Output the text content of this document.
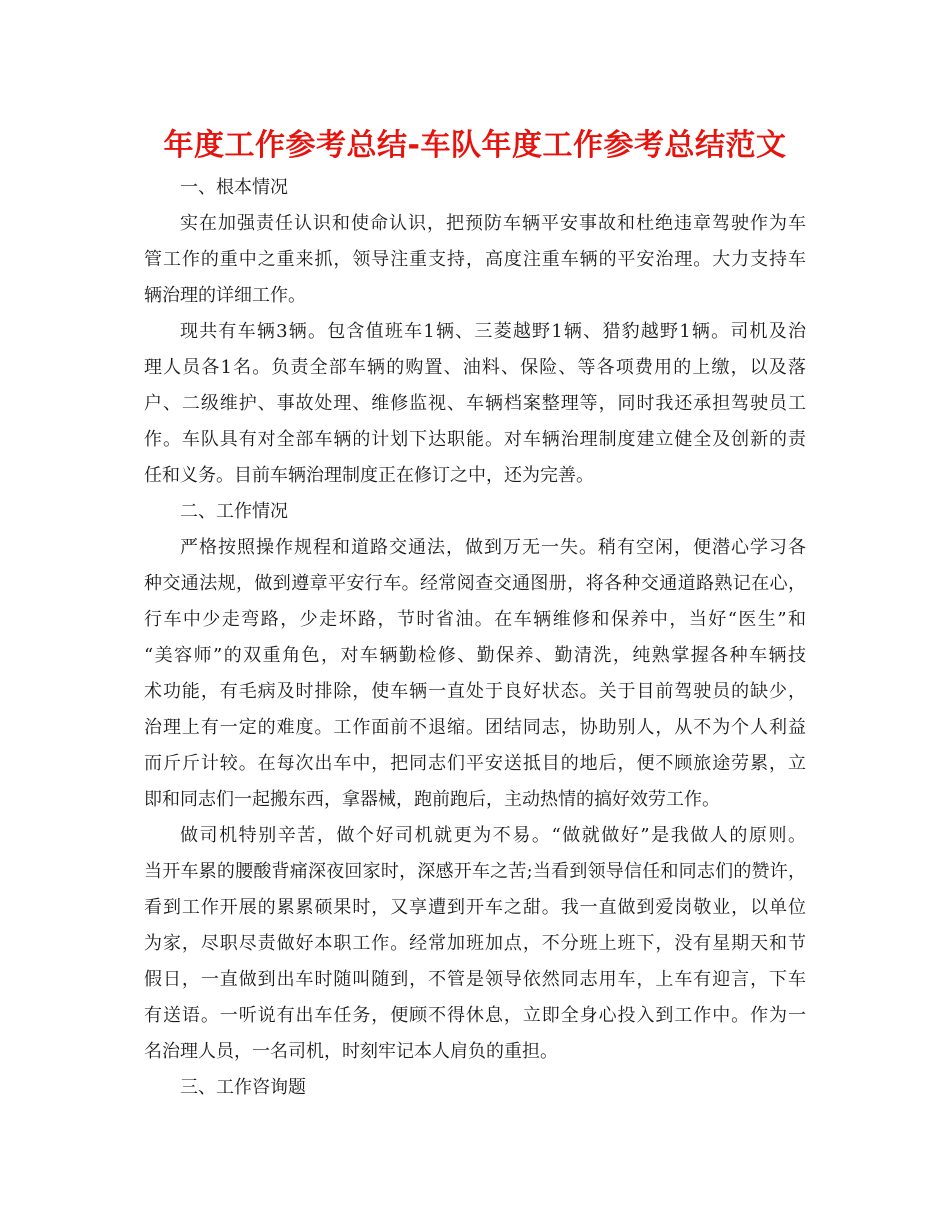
年度工作参考总结-车队年度工作参考总结范文
一、根本情况

实在加强责任认识和使命认识，把预防车辆平安事故和杜绝违章驾驶作为车
管工作的重中之重来抓，领导注重支持，高度注重车辆的平安治理。大力支持车
辆治理的详细工作。

现共有车辆3辆。包含值班车1辆、三菱越野1辆、猎豹越野1辆。司机及治
理人员各1名。负责全部车辆的购置、油料、保险、等各项费用的上缴，以及落
户、二级维护、事故处理、维修监视、车辆档案整理等，同时我还承担驾驶员工
作。车队具有对全部车辆的计划下达职能。对车辆治理制度建立健全及创新的责
任和义务。目前车辆治理制度正在修订之中，还为完善。

二、工作情况

严格按照操作规程和道路交通法，做到万无一失。稍有空闲，便潜心学习各
种交通法规，做到遵章平安行车。经常阅查交通图册，将各种交通道路熟记在心，
行车中少走弯路，少走坏路，节时省油。在车辆维修和保养中，当好“医生”和
“美容师”的双重角色，对车辆勤检修、勤保养、勤清洗，纯熟掌握各种车辆技
术功能，有毛病及时排除，使车辆一直处于良好状态。关于目前驾驶员的缺少，
治理上有一定的难度。工作面前不退缩。团结同志，协助别人，从不为个人利益
而斤斤计较。在每次出车中，把同志们平安送抵目的地后，便不顾旅途劳累，立
即和同志们一起搬东西，拿器械，跑前跑后，主动热情的搞好效劳工作。

做司机特别辛苦，做个好司机就更为不易。“做就做好”是我做人的原则。
当开车累的腰酸背痛深夜回家时，深感开车之苦;当看到领导信任和同志们的赞许，
看到工作开展的累累硕果时，又享遭到开车之甜。我一直做到爱岗敬业，以单位
为家，尽职尽责做好本职工作。经常加班加点，不分班上班下，没有星期天和节
假日，一直做到出车时随叫随到，不管是领导依然同志用车，上车有迎言，下车
有送语。一听说有出车任务，便顾不得休息，立即全身心投入到工作中。作为一
名治理人员，一名司机，时刻牢记本人肩负的重担。

三、工作咨询题
